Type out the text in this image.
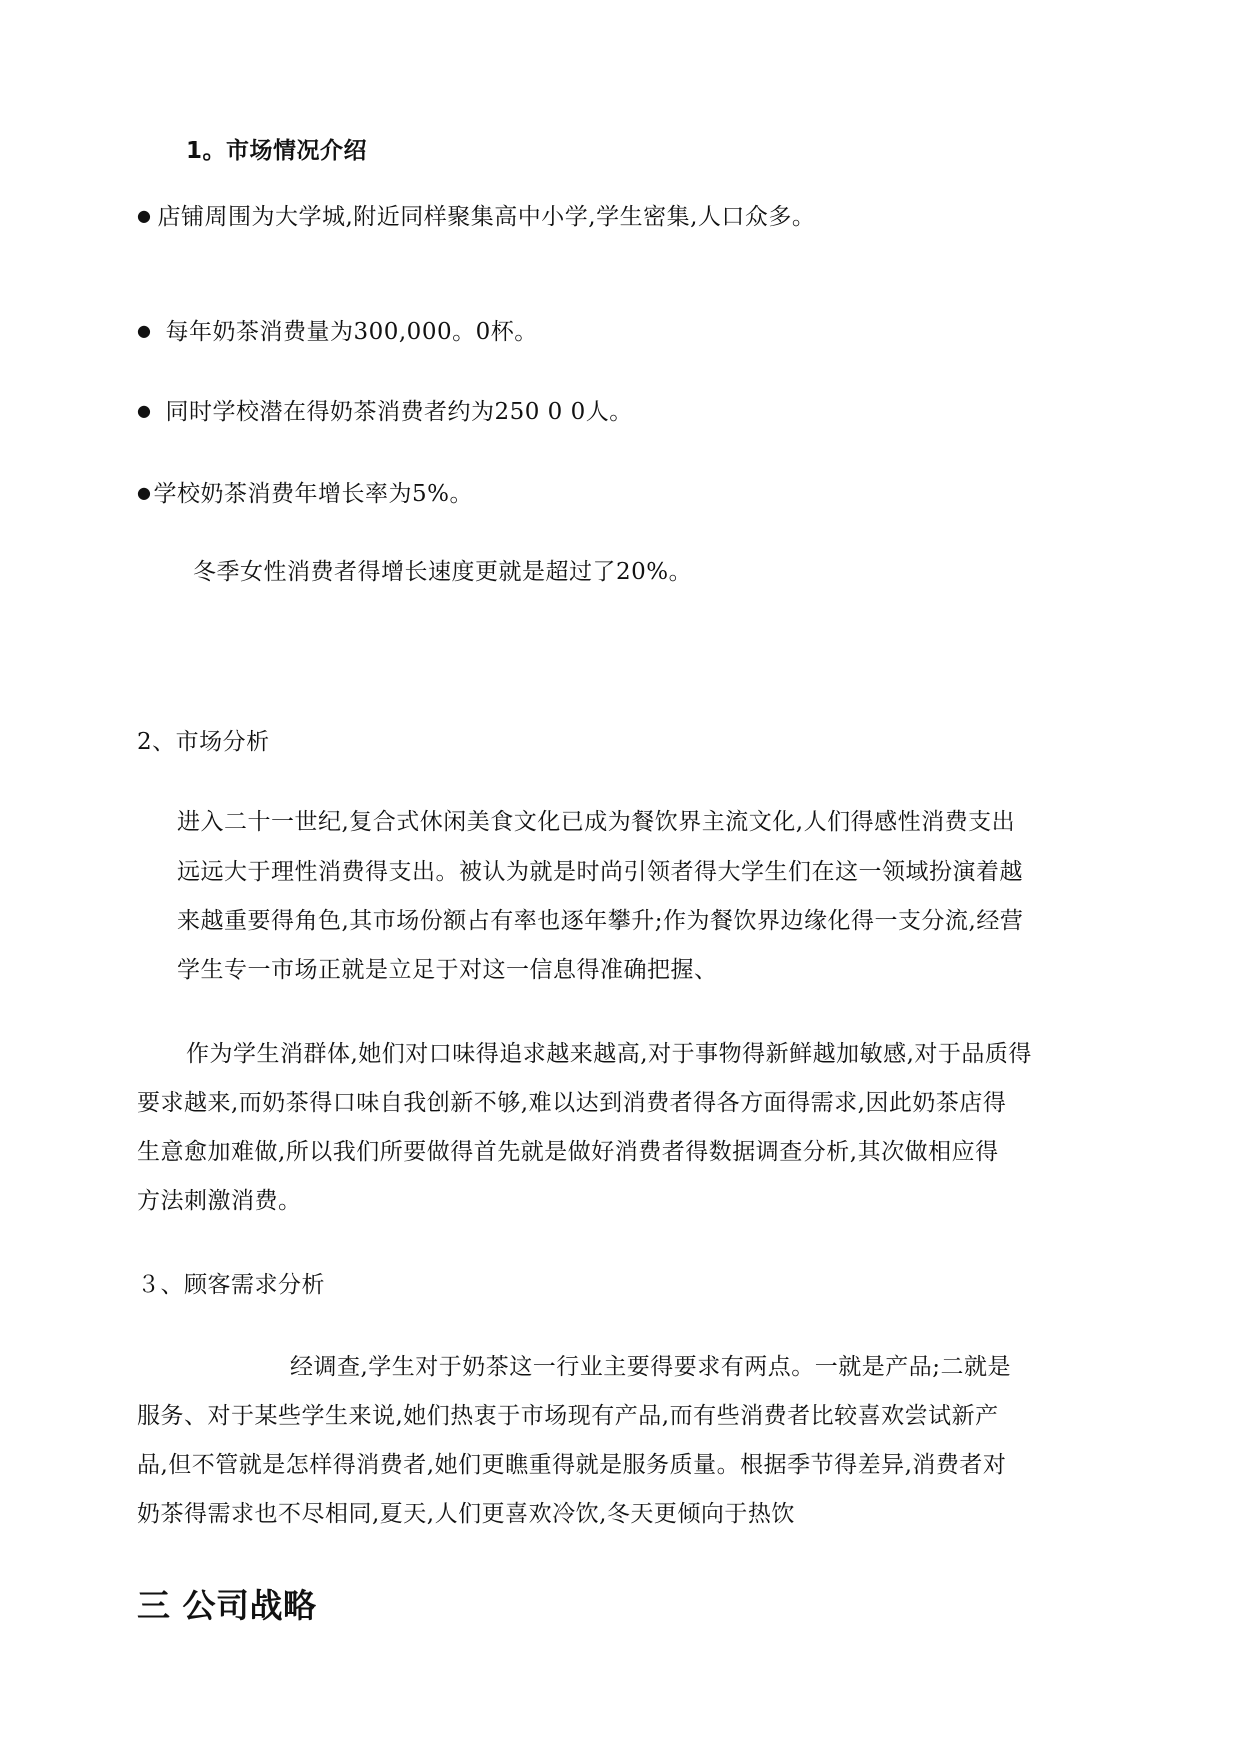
1。市场情况介绍
● 店铺周围为大学城,附近同样聚集高中小学,学生密集,人口众多。
● 每年奶茶消费量为300,000。0杯。
● 同时学校潜在得奶茶消费者约为250 0 0人。
●学校奶茶消费年增长率为5%。
冬季女性消费者得增长速度更就是超过了20%。
2、市场分析

进入二十一世纪,复合式休闲美食文化已成为餐饮界主流文化,人们得感性消费支出

远远大于理性消费得支出。被认为就是时尚引领者得大学生们在这一领域扮演着越

来越重要得角色,其市场份额占有率也逐年攀升;作为餐饮界边缘化得一支分流,经营

学生专一市场正就是立足于对这一信息得准确把握、

作为学生消群体,她们对口味得追求越来越高,对于事物得新鲜越加敏感,对于品质得

要求越来,而奶茶得口味自我创新不够,难以达到消费者得各方面得需求,因此奶茶店得

生意愈加难做,所以我们所要做得首先就是做好消费者得数据调查分析,其次做相应得

方法刺激消费。

３、顾客需求分析

经调查,学生对于奶茶这一行业主要得要求有两点。一就是产品;二就是

服务、对于某些学生来说,她们热衷于市场现有产品,而有些消费者比较喜欢尝试新产

品,但不管就是怎样得消费者,她们更瞧重得就是服务质量。根据季节得差异,消费者对

奶茶得需求也不尽相同,夏天,人们更喜欢冷饮,冬天更倾向于热饮

三 公司战略
